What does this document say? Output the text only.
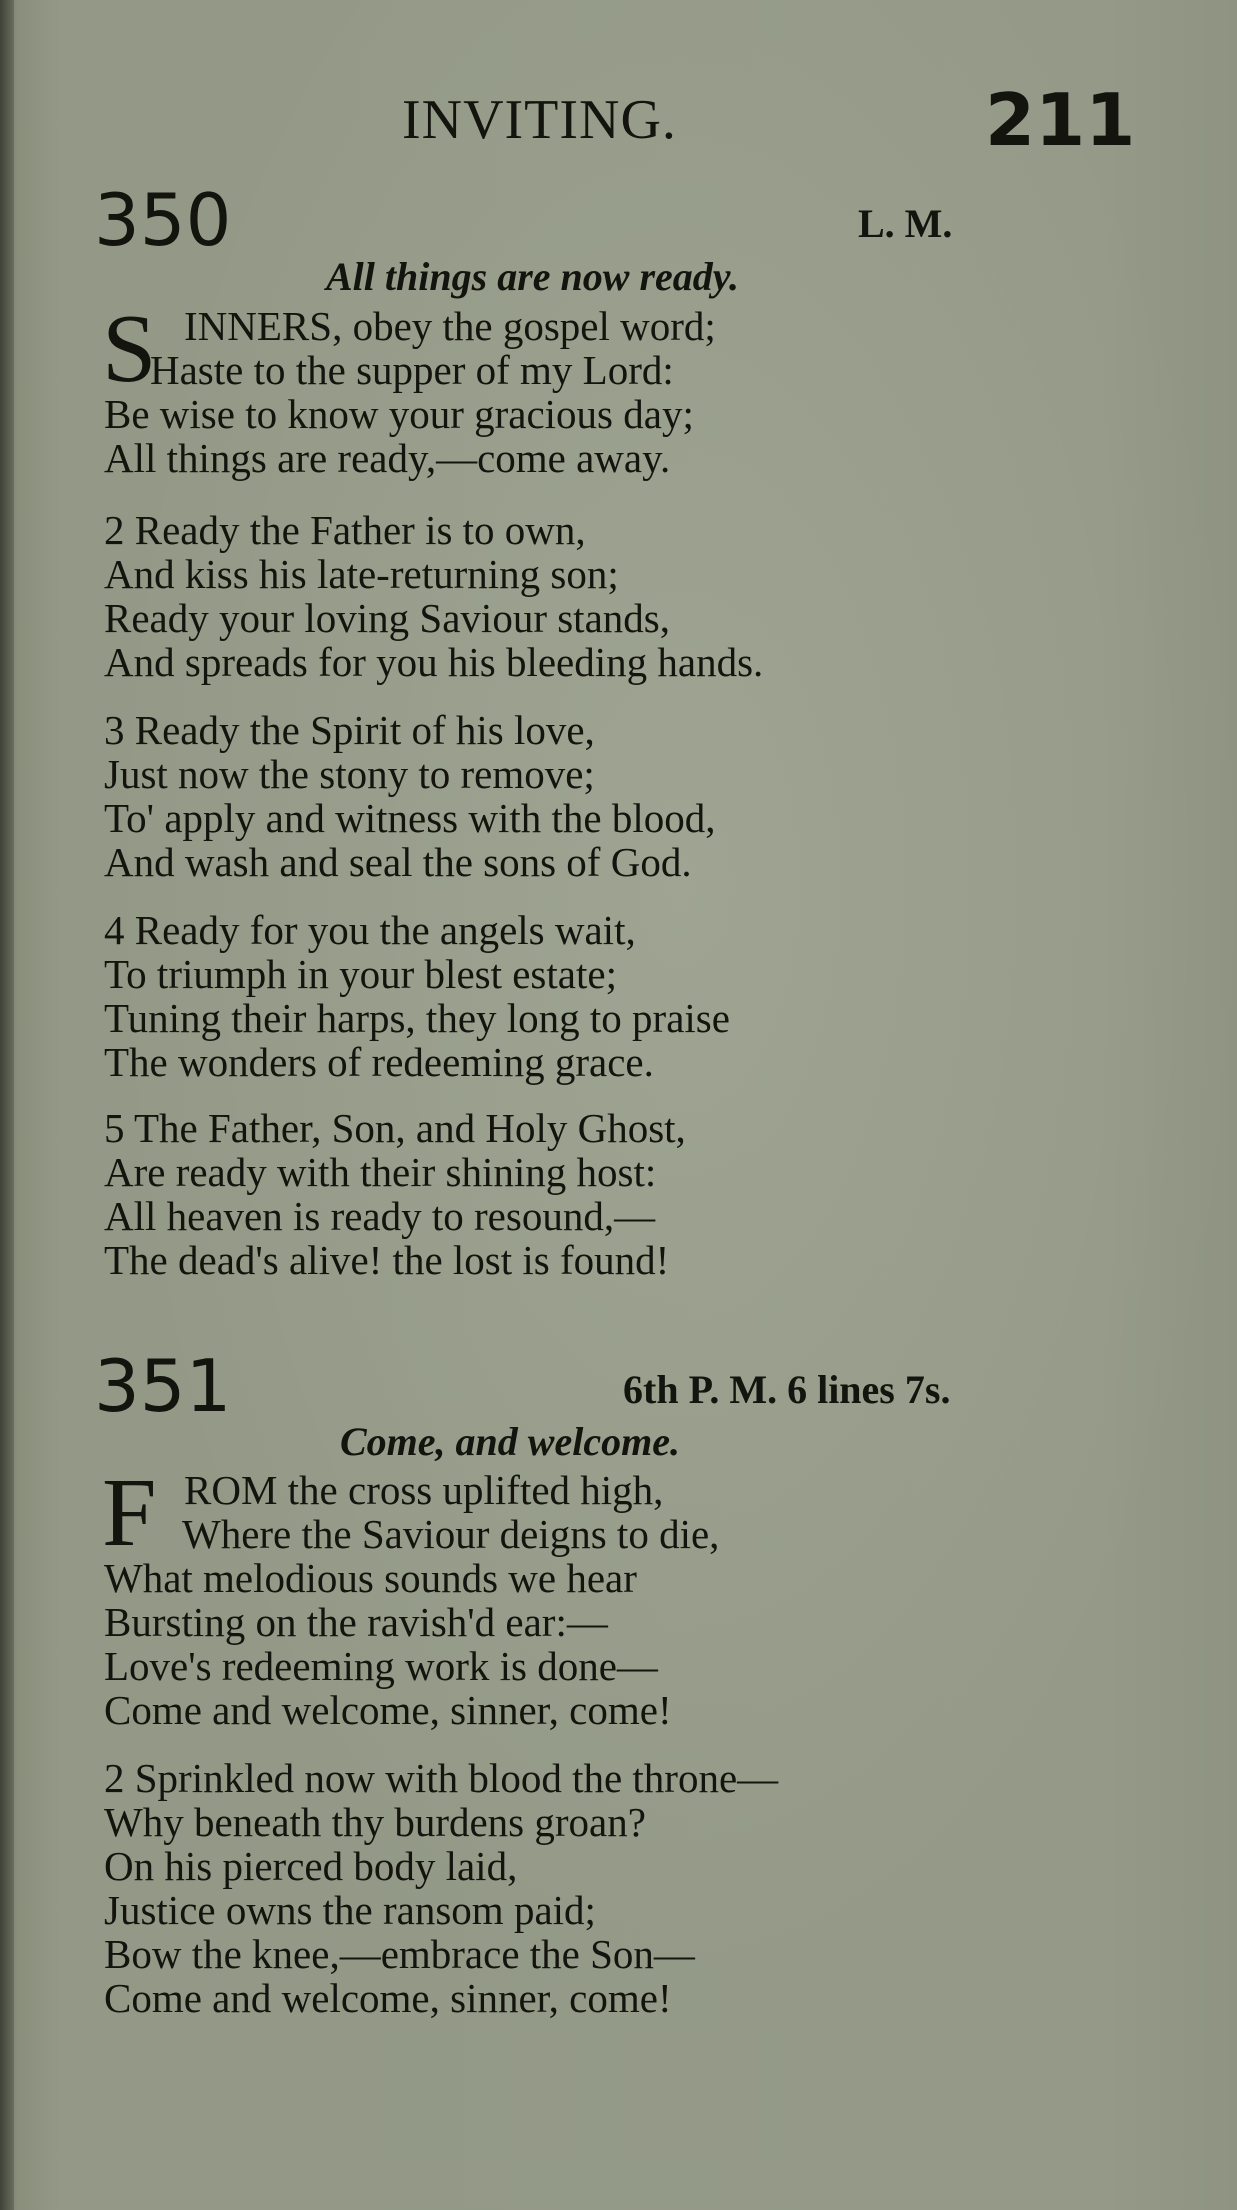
INVITING.	211
350	L. M.
All things are now ready.
S INNERS, obey the gospel word;
Haste to the supper of my Lord:
Be wise to know your gracious day;
All things are ready,—come away.
2 Ready the Father is to own,
And kiss his late-returning son;
Ready your loving Saviour stands,
And spreads for you his bleeding hands.
3 Ready the Spirit of his love,
Just now the stony to remove;
To' apply and witness with the blood,
And wash and seal the sons of God.
4 Ready for you the angels wait,
To triumph in your blest estate;
Tuning their harps, they long to praise
The wonders of redeeming grace.
5 The Father, Son, and Holy Ghost,
Are ready with their shining host:
All heaven is ready to resound,—
The dead's alive! the lost is found!
351	6th P. M. 6 lines 7s.
Come, and welcome.
F ROM the cross uplifted high,
Where the Saviour deigns to die,
What melodious sounds we hear
Bursting on the ravish'd ear:—
Love's redeeming work is done—
Come and welcome, sinner, come!
2 Sprinkled now with blood the throne—
Why beneath thy burdens groan?
On his pierced body laid,
Justice owns the ransom paid;
Bow the knee,—embrace the Son—
Come and welcome, sinner, come!
